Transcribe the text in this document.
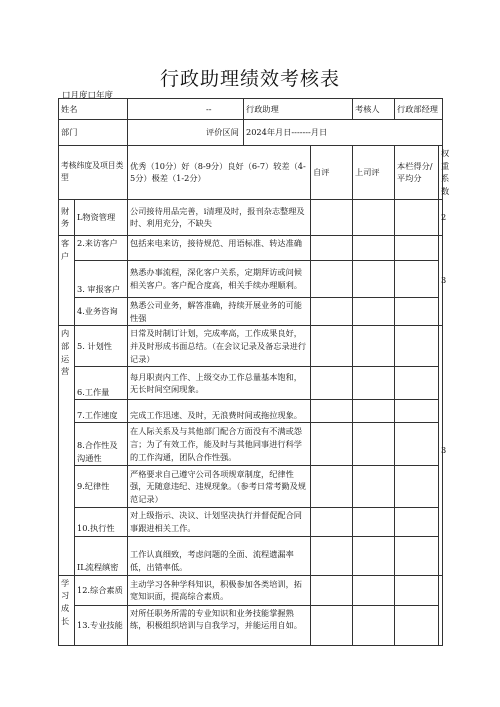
行政助理绩效考核表
口月度口年度
姓名		--	行政助理		考核人	行政部经理	
部门		评价区间	2024年月日-------月日				
考核纬度及项目类型		优秀（10分）好（8-9分）良好（6-7）较差（4-5分）极差（1-2分）		自评	上司评	本栏得分/平均分	权重系数
财务	L物资管理	公司接待用品完善，i清理及时，报刊杂志整理及时、利用充分，不缺失					2
客户	2.来访客户	包括来电来访，接待规范、用语标准、转达准确					3
	3. 审报客户	熟悉办事流程，深化客户关系，定期拜访或问候相关客户。客户配合度高，相关手续办理顺利。					
	4.业务咨询	熟悉公司业务，解答准确，持续开展业务的可能性强					
内部运营	5. 计划性	日常及时制订计划，完成率高，工作成果良好，并及时形成书面总结。（在会议记录及备忘录进行记录）					3
	6.工作量	每月职责内工作、上级交办工作总量基本饱和，无长时间空闲现象。					
	7.工作速度	完成工作迅速、及时，无浪费时间或拖拉现象。					
	8.合作性及沟通性	在人际关系及与其他部门配合方面没有不满或怨言；为了有效工作，能及时与其他同事进行科学的工作沟通，团队合作性强。					
	9.纪律性	严格要求自己遵守公司各项规章制度，纪律性强，无随意违纪、违规现象。（参考日常考勤及规范记录）					
	10.执行性	对上级指示、决议、计划坚决执行并督促配合同事跟进相关工作。					
	IL流程缜密	工作认真细致，考虑问题的全面、流程遗漏率低，出错率低。					
学习成长	12.综合素质	主动学习各种学科知识，积极参加各类培训，拓宽知识面，提高综合素质。					
	13.专业技能	对所任职务所需的专业知识和业务技能掌握熟练，积极组织培训与自我学习，并能运用自如。					
